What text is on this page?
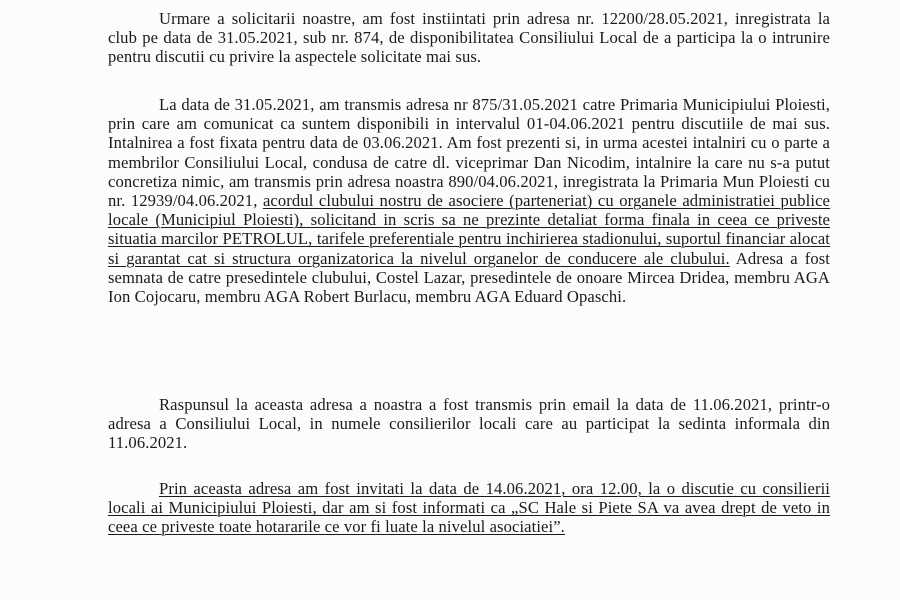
Urmare a solicitarii noastre, am fost instiintati prin adresa nr. 12200/28.05.2021, inregistrata la club pe data de 31.05.2021, sub nr. 874, de disponibilitatea Consiliului Local de a participa la o intrunire pentru discutii cu privire la aspectele solicitate mai sus.

La data de 31.05.2021, am transmis adresa nr 875/31.05.2021 catre Primaria Municipiului Ploiesti, prin care am comunicat ca suntem disponibili in intervalul 01-04.06.2021 pentru discutiile de mai sus. Intalnirea a fost fixata pentru data de 03.06.2021. Am fost prezenti si, in urma acestei intalniri cu o parte a membrilor Consiliului Local, condusa de catre dl. viceprimar Dan Nicodim, intalnire la care nu s-a putut concretiza nimic, am transmis prin adresa noastra 890/04.06.2021, inregistrata la Primaria Mun Ploiesti cu nr. 12939/04.06.2021, acordul clubului nostru de asociere (parteneriat) cu organele administratiei publice locale (Municipiul Ploiesti), solicitand in scris sa ne prezinte detaliat forma finala in ceea ce priveste situatia marcilor PETROLUL, tarifele preferentiale pentru inchirierea stadionului, suportul financiar alocat si garantat cat si structura organizatorica la nivelul organelor de conducere ale clubului. Adresa a fost semnata de catre presedintele clubului, Costel Lazar, presedintele de onoare Mircea Dridea, membru AGA Ion Cojocaru, membru AGA Robert Burlacu, membru AGA Eduard Opaschi.

Raspunsul la aceasta adresa a noastra a fost transmis prin email la data de 11.06.2021, printr-o adresa a Consiliului Local, in numele consilierilor locali care au participat la sedinta informala din 11.06.2021.

Prin aceasta adresa am fost invitati la data de 14.06.2021, ora 12.00, la o discutie cu consilierii locali ai Municipiului Ploiesti, dar am si fost informati ca „SC Hale si Piete SA va avea drept de veto in ceea ce priveste toate hotararile ce vor fi luate la nivelul asociatiei”.
